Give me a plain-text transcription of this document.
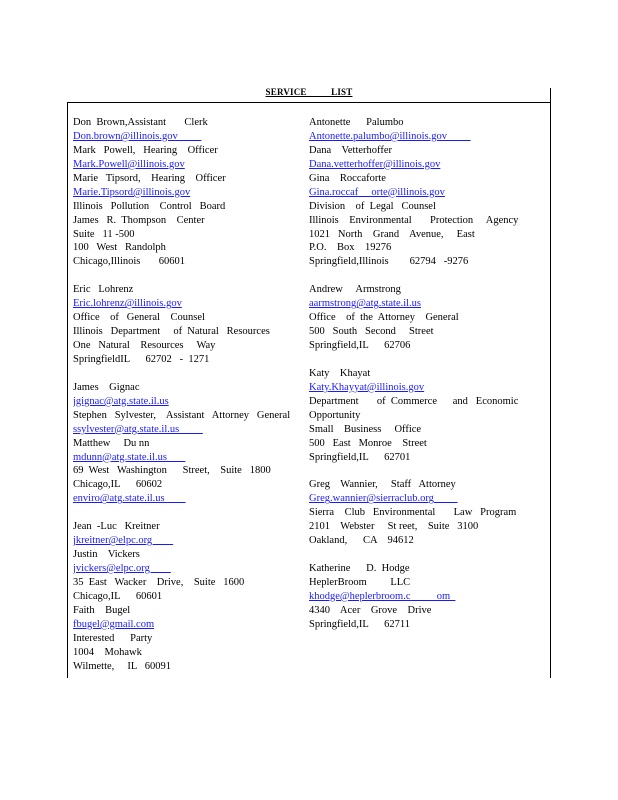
SERVICE          LIST
Don  Brown,Assistant       Clerk
Don.brown@illinois.gov
Mark   Powell,   Hearing    Officer
Mark.Powell@illinois.gov
Marie   Tipsord,    Hearing    Officer
Marie.Tipsord@illinois.gov
Illinois   Pollution    Control   Board
James   R.  Thompson    Center
Suite   11 -500
100   West   Randolph
Chicago,Illinois       60601
Eric   Lohrenz
Eric.lohrenz@illinois.gov
Office    of   General    Counsel
Illinois   Department     of  Natural   Resources
One   Natural    Resources     Way
SpringfieldIL      62702   -  1271
James    Gignac
jgignac@atg.state.il.us
Stephen   Sylvester,    Assistant   Attorney   General
ssylvester@atg.state.il.us
Matthew     Du nn
mdunn@atg.state.il.us
69  West   Washington      Street,    Suite   1800
Chicago,IL      60602
enviro@atg.state.il.us
Jean  -Luc   Kreitner
jkreitner@elpc.org
Justin    Vickers
jvickers@elpc.org
35  East   Wacker    Drive,    Suite   1600
Chicago,IL      60601
Faith    Bugel
fbugel@gmail.com
Interested      Party
1004    Mohawk
Wilmette,     IL   60091
Antonette      Palumbo
Antonette.palumbo@illinois.gov
Dana    Vetterhoffer
Dana.vetterhoffer@illinois.gov
Gina    Roccaforte
Gina.roccaf     orte@illinois.gov
Division    of  Legal   Counsel
Illinois    Environmental       Protection     Agency
1021   North    Grand    Avenue,     East
P.O.    Box    19276
Springfield,Illinois        62794   -9276
Andrew     Armstrong
aarmstrong@atg.state.il.us
Office    of  the  Attorney    General
500   South   Second     Street
Springfield,IL      62706
Katy    Khayat
Katy.Khayyat@illinois.gov
Department       of  Commerce      and   Economic
Opportunity
Small    Business     Office
500   East   Monroe    Street
Springfield,IL      62701
Greg    Wannier,     Staff   Attorney
Greg.wannier@sierraclub.org
Sierra    Club   Environmental       Law   Program
2101    Webster     St reet,    Suite   3100
Oakland,      CA    94612
Katherine      D.  Hodge
HeplerBroom         LLC
khodge@heplerbroom.c          om
4340    Acer    Grove    Drive
Springfield,IL      62711
